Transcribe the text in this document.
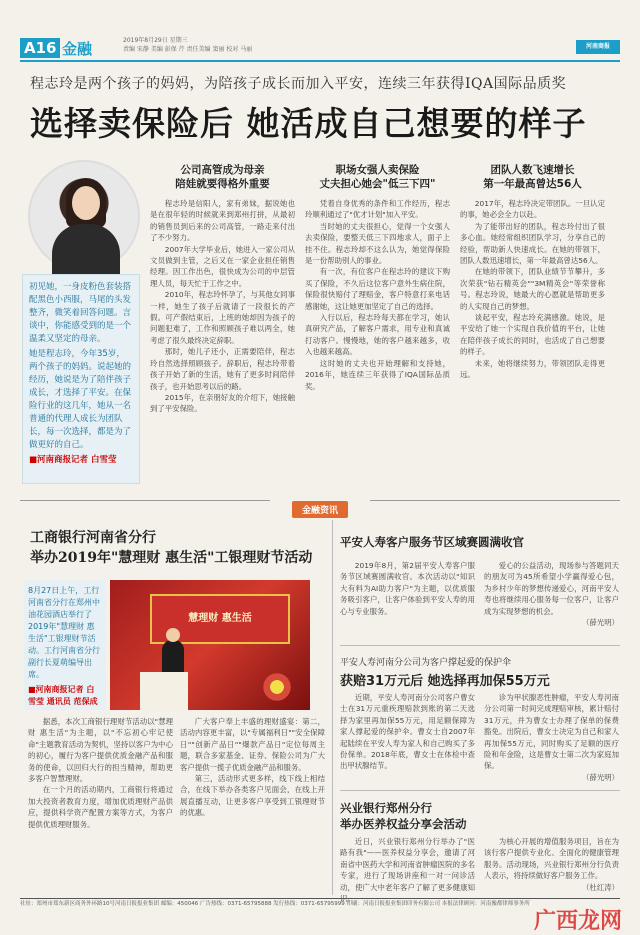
A16 金融	2019年8月29日 星期三
责编 宋静 美编 彭保 芹 责任美编 窦丽 校对 马丽	河南商报
程志玲是两个孩子的妈妈，为陪孩子成长而加入平安，连续三年获得IQA国际品质奖
选择卖保险后 她活成自己想要的样子

初见她，一身皮粉色套装搭配黑色小西服，马尾的头发整齐，微笑着回答问题。言谈中，你能感受到的是一个温柔又坚定的母亲。

她是程志玲，今年35岁，两个孩子的妈妈。说起她的经历，她说是为了陪伴孩子成长，才选择了平安。在保险行业的这几年，她从一名普通的代理人成长为团队长，每一次选择，都是为了做更好的自己。

■河南商报记者 白雪莹

公司高管成为母亲
陪娃就要得格外重要
职场女强人卖保险
丈夫担心她会"低三下四"
团队人数飞速增长
第一年最高曾达56人

程志玲是信阳人，家有弟妹，据说她也是在很年轻的时候就来到郑州打拼，从最初的销售员到后来的公司高管，一路走来付出了不少努力。

2007年大学毕业后，她进入一家公司从文员做到主管，之后又在一家企业担任销售经理。因工作出色，很快成为公司的中层管理人员，每天忙于工作之中。

2010年，程志玲怀孕了，与其他女同事一样，她生了孩子后就请了一段很长的产假。可产假结束后，上班的她却因为孩子的问题犯难了，工作和照顾孩子难以两全，她考虑了很久最终决定辞职。

那时，她儿子还小，正需要陪伴，程志玲自然选择照顾孩子。辞职后，程志玲带着孩子开始了新的生活，她有了更多时间陪伴孩子，也开始思考以后的路。

2015年，在亲朋好友的介绍下，她接触到了平安保险。

凭着自身优秀的条件和工作经历，程志玲顺利通过了"优才计划"加入平安。

当时她的丈夫很担心，觉得一个女强人去卖保险，要整天低三下四地求人，面子上挂不住。程志玲却不这么认为，她觉得保险是一份帮助别人的事业。

有一次，有位客户在程志玲的建议下购买了保险，不久后这位客户意外生病住院，保险很快赔付了理赔金，客户特意打来电话感谢她，这让她更加坚定了自己的选择。

入行以后，程志玲每天都在学习，她认真研究产品，了解客户需求，用专业和真诚打动客户。慢慢地，她的客户越来越多，收入也越来越高。

这时她的丈夫也开始理解和支持她，2016年，她连续三年获得了IQA国际品质奖。

2017年，程志玲决定带团队。一旦认定的事，她必会全力以赴。

为了能带出好的团队，程志玲付出了很多心血。她经常组织团队学习，分享自己的经验，帮助新人快速成长。在她的带领下，团队人数迅速增长，第一年最高曾达56人。

在她的带领下，团队业绩节节攀升，多次荣获"钻石精英会""3M精英会"等荣誉称号。程志玲说，她最大的心愿就是帮助更多的人实现自己的梦想。

谈起平安，程志玲充满感激。她说，是平安给了她一个实现自我价值的平台，让她在陪伴孩子成长的同时，也活成了自己想要的样子。

未来，她将继续努力，带领团队走得更远。

金融资讯
工商银行河南省分行
举办2019年"慧理财 惠生活"工银理财节活动

8月27日上午，工行河南省分行在郑州中油花园酒店举行了2019年"慧理财 惠生活"工银理财节活动。工行河南省分行副行长夏萌编导出席。

■河南商报记者 白雪莹 通讯员 范保成

慧理财 惠生活

据悉，本次工商银行理财节活动以"慧理财 惠生活"为主题，以"不忘初心牢记使命"主题教育活动为契机，坚持以客户为中心的初心，履行为客户提供优质金融产品和服务的使命，以回归大行的担当精神，帮助更多客户智慧理财。

在一个月的活动期内，工商银行将通过加大投资者教育力度，增加优质理财产品供应，提供科学资产配置方案等方式，为客户提供优质理财服务。

广大客户奉上丰盛的理财盛宴：第二，活动内容更丰富，以"专属福利日""安全保障日""创新产品日""爆款产品日"定位每周主题，联合多家基金、证券、保险公司为广大客户提供一揽子优质金融产品和服务。

第三，活动形式更多样，线下线上相结合，在线下举办各类客户见面会，在线上开展直播互动，让更多客户享受到工银理财节的优惠。

平安人寿客户服务节区域赛圆满收官

2019年8月，第2届平安人寿客户服务节区域赛圆满收官。本次活动以"知识大有料为AI助力客户"为主题，以优质服务吸引客户，让客户体验到平安人寿的用心与专业服务。

爱心的公益活动，现场参与答题同天的朋友可为45所希望小学赢得爱心包，为乡村少年的梦想传递爱心，河南平安人寿也将继续用心服务每一位客户，让客户成为实现梦想的机会。

（薛光明）

平安人寿河南分公司为客户撑起爱的保护伞
获赔31万元后 她选择再加保55万元

近期，平安人寿河南分公司客户曹女士在31万元重疾理赔款到账的第二天选择为家里再加保55万元，用足额保障为家人撑起爱的保护伞。曹女士自2007年起陆续在平安人寿为家人和自己购买了多份保单。2018年底，曹女士在体检中查出甲状腺结节。

诊为甲状腺恶性肿瘤，平安人寿河南分公司第一时间完成理赔审核，累计赔付31万元，并为曹女士办理了保单的保费豁免。出院后，曹女士决定为自己和家人再加保55万元，同时购买了足额的医疗险和年金险，这是曹女士第二次为家庭加保。

（薛光明）

兴业银行郑州分行
举办医养权益分享会活动

近日，兴业银行郑州分行举办了"医路有我"——医养权益分享会，邀请了河南省中医药大学和河南省肿瘤医院的多名专家，进行了现场讲座和一对一问诊活动，使广大中老年客户了解了更多健康知识。

为核心开展的增值服务项目，旨在为该行客户提供专业化、全面化的健康管理服务。活动现场，兴业银行郑州分行负责人表示，将持续做好客户服务工作。

（杜红涛）

社址：郑州市郑东新区商务外环路10号河南日报报业集团 邮编：450046 广告热线：0371-65795888 发行热线：0371-65795999 印刷：河南日报报业集团印务有限公司 本报法律顾问：河南豫都律师事务所
广西龙网
